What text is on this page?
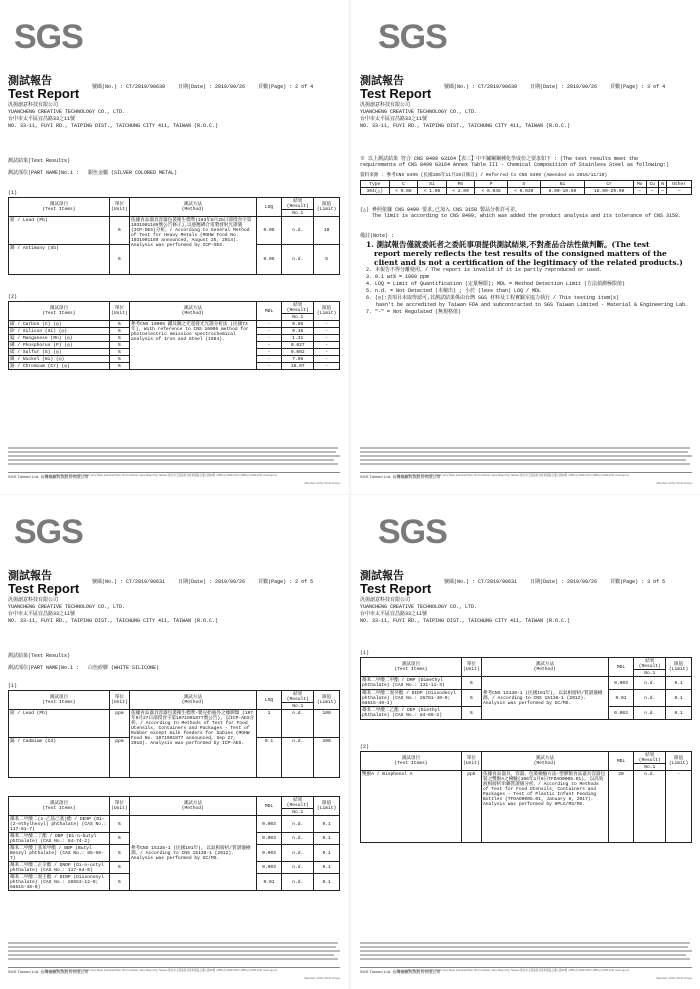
SGS
測試報告
Test Report	號碼(No.) : CT/2019/90630	日期(Date) : 2019/09/26	頁數(Page) : 2 of 4
汎揚創意科技有限公司
YUANCHENG CREATIVE TECHNOLOGY CO., LTD.
台中市太平區宜昌路33之11號
NO. 33-11, FUYI RD., TAIPING DIST., TAICHUNG CITY 411, TAIWAN (R.O.C.)
測試結果(Test Results)
測試部位(PART NAME)No.1 : 銀色金屬 (SILVER COLORED METAL)
(1)
測試項目
(Test Items)	單位
(Unit)	測試方法
(Method)	LOQ	結果
(Result)	限值
(Limit)
				No.1	
鉛 / Lead (Pb)	%	依據食品器具容器包裝衛生標準(103年8月25日部授食字第1031901169號公告修正),以感應耦合電漿發射光譜儀(ICP-OES)分析。/ According to General Method of Test for Heavy Metals (MOHW Food No. 1031901169 announced, August 25, 2014). Analysis was performed by ICP-OES.	0.05	n.d.	10
銻 / Antimony (Sb)	%		0.05	n.d.	5
(2)
測試項目
(Test Items)	單位
(Unit)	測試方法
(Method)	MDL	結果
(Result)	限值
(Limit)
				No.1	
碳 / Carbon (C) (◎)	%	參考CNS 10005 鐵及鋼之光電發光光譜分析法 (民國73年), With reference to CNS 10005 method for photoelectric emission spectrochemical analysis of Iron and Steel (1984).	-	0.05	-
矽 / Silicon (Si) (◎)	%		-	0.36	-
錳 / Manganese (Mn) (◎)	%		-	1.31	-
磷 / Phosphorus (P) (◎)	%		-	0.027	-
硫 / Sulfur (S) (◎)	%		-	0.002	-
鎳 / Nickel (Ni) (◎)	%		-	7.96	-
鉻 / Chromium (Cr) (◎)	%		-	18.97	-
SGS Taiwan Ltd. 台灣檢驗科技股份有限公司
No.38, Wu Chyuan 7th Road, New Taipei Industrial Park, Wu Ku District, New Taipei City, Taiwan /新北市五股區新北產業園區五權七路38號 t (886-2) 2299-3279 f (886-2) 2299-3237 www.sgs.tw
Member of the SGS Group
SGS
測試報告
Test Report	號碼(No.) : CT/2019/90630	日期(Date) : 2019/09/26	頁數(Page) : 3 of 4
汎揚創意科技有限公司
YUANCHENG CREATIVE TECHNOLOGY CO., LTD.
台中市太平區宜昌路33之11號
NO. 33-11, FUYI RD., TAIPING DIST., TAICHUNG CITY 411, TAIWAN (R.O.C.)
※ 以上測試結果 符合 CNS 8499 G3164【表三】中不鏽鋼鋼種化學成份之要求如下 : (The test results meet the
requirements of CNS 8499 G3164 Annex Table III - Chemical Composition of Stainless Steel as following:)
資料來源 : 參考CNS 8499 (民國105年11月10日修訂) / Referred to CNS 8499 (Amended on 2016/11/10)
Type	C	Si	Mn	P	S	Ni	Cr	Mo	Cu	N	Other
304(△)	< 0.08	< 1.00	< 2.00	< 0.045	< 0.030	8.00-10.50	18.00-20.00	—	—	—	—
(△) 參照依據 CNS 8499 要求,已加入 CNS 3158 製品分析許可差。
The limit is according to CNS 8499, which was added the product analysis and its tolerance of CNS 3158.
備註(Note) :
1. 測試報告僅就委託者之委託事項提供測試結果,不對產品合法性做判斷。(The test
report merely reflects the test results of the consigned matters of the
client and is not a certification of the legitimacy of the related products.)
2. 本報告不得分離使用。/ The report is invalid if it is partly reproduced or used.
3. 0.1 wt% = 1000 ppm
4. LOQ = Limit of Quantification (定量極限); MDL = Method Detection Limit (方法偵測極限值)
5. n.d. = Not Detected (未檢出) ; 小於 (less than) LOQ / MDL
6. (◎):表項目未取得認可,其測試結果係由台灣 SGS 材料及工程實驗室協力執行 / This testing item(s)
hasn't be accredited by Taiwan FDA and subcontracted to SGS Taiwan Limited - Material & Engineering Lab.
7. "-" = Not Regulated (無規格值)
SGS Taiwan Ltd. 台灣檢驗科技股份有限公司
No.38, Wu Chyuan 7th Road, New Taipei Industrial Park, Wu Ku District, New Taipei City, Taiwan /新北市五股區新北產業園區五權七路38號 t (886-2) 2299-3279 f (886-2) 2299-3237 www.sgs.tw
Member of the SGS Group
SGS
測試報告
Test Report	號碼(No.) : CT/2019/90631	日期(Date) : 2019/09/26	頁數(Page) : 2 of 5
汎揚創意科技有限公司
YUANCHENG CREATIVE TECHNOLOGY CO., LTD.
台中市太平區宜昌路33之11號
NO. 33-11, FUYI RD., TAIPING DIST., TAICHUNG CITY 411, TAIWAN (R.O.C.)
測試結果(Test Results)
測試部位(PART NAME)No.1 : 白色矽膠 (WHITE SILICONE)
(1)
測試項目
(Test Items)	單位
(Unit)	測試方法
(Method)	LOQ	結果
(Result)	限值
(Limit)
				No.1	
鉛 / Lead (Pb)	ppm	依據食品器具容器包裝衛生標準-嬰兒奶瓶外之橡膠類 (107年9月27日部授食字第1071901877號公告), 以ICP-AES分析。/ According to Methods of Test for Food Utensils, Containers and Packages - Test of Rubber except milk feeders for babies (MOHW Food No. 1071901877 announced, Sep 27, 2018). Analysis was performed by ICP-AES.	1	n.d.	100
鎘 / Cadmium (Cd)	ppm		0.1	n.d.	100
測試項目
(Test Items)	單位
(Unit)	測試方法
(Method)	MDL	結果
(Result)	限值
(Limit)
				No.1	
鄰苯二甲酸二(2-乙基己基)酯 / DEHP (Di-(2-ethylhexyl) phthalate) (CAS No.: 117-81-7)	%	參考CNS 15138-1 (民國101年), 以氣相層析/質譜儀檢測。/ According to CNS 15138-1 (2012). Analysis was performed by GC/MS.	0.003	n.d.	0.1
鄰苯二甲酸二丁酯 / DBP (Di-n-butyl phthalate) (CAS No.: 84-74-2)	%		0.003	n.d.	0.1
鄰苯二甲酸丁基苯甲酯 / BBP (Butyl Benzyl phthalate) (CAS No.: 85-68-7)	%		0.003	n.d.	0.1
鄰苯二甲酸二正辛酯 / DNOP (Di-n-octyl phthalate) (CAS No.: 117-84-0)	%		0.003	n.d.	0.1
鄰苯二甲酸二異壬酯 / DINP (Diisononyl phthalate) (CAS No.: 28553-12-0; 68515-48-0)	%		0.01	n.d.	0.1
SGS Taiwan Ltd. 台灣檢驗科技股份有限公司
No.38, Wu Chyuan 7th Road, New Taipei Industrial Park, Wu Ku District, New Taipei City, Taiwan /新北市五股區新北產業園區五權七路38號 t (886-2) 2299-3279 f (886-2) 2299-3237 www.sgs.tw
Member of the SGS Group
SGS
測試報告
Test Report	號碼(No.) : CT/2019/90631	日期(Date) : 2019/09/26	頁數(Page) : 3 of 5
汎揚創意科技有限公司
YUANCHENG CREATIVE TECHNOLOGY CO., LTD.
台中市太平區宜昌路33之11號
NO. 33-11, FUYI RD., TAIPING DIST., TAICHUNG CITY 411, TAIWAN (R.O.C.)
(1)
測試項目
(Test Items)	單位
(Unit)	測試方法
(Method)	MDL	結果
(Result)	限值
(Limit)
				No.1	
鄰苯二甲酸二甲酯 / DMP (Dimethyl phthalate) (CAS No.: 131-11-3)	%	參考CNS 15138-1 (民國101年), 以氣相層析/質譜儀檢測。/ According to CNS 15138-1 (2012). Analysis was performed by GC/MS.	0.003	n.d.	0.1
鄰苯二甲酸二異癸酯 / DIDP (Diisodecyl phthalate) (CAS No.: 26761-40-0; 68515-49-1)	%		0.01	n.d.	0.1
鄰苯二甲酸二乙酯 / DEP (Diethyl phthalate) (CAS No.: 84-66-2)	%		0.003	n.d.	0.1
(2)
測試項目
(Test Items)	單位
(Unit)	測試方法
(Method)	MDL	結果
(Result)	限值
(Limit)
				No.1	
雙酚A / Bisphenol A	ppb	依據食品器具、容器、包裝檢驗方法-塑膠類食品器具容器包裝之雙酚A之檢驗(106年1月6日TFDAO0005.01), 以高效液相層析串聯質譜儀分析。/ According to Methods of Test for Food Utensils, Containers and Packages - Test of Plastic Infant Feeding Bottles (TFDAO0005.01, January 6, 2017). Analysis was performed by HPLC/MS/MS.	20	n.d.	-
SGS Taiwan Ltd. 台灣檢驗科技股份有限公司
No.38, Wu Chyuan 7th Road, New Taipei Industrial Park, Wu Ku District, New Taipei City, Taiwan /新北市五股區新北產業園區五權七路38號 t (886-2) 2299-3279 f (886-2) 2299-3237 www.sgs.tw
Member of the SGS Group
